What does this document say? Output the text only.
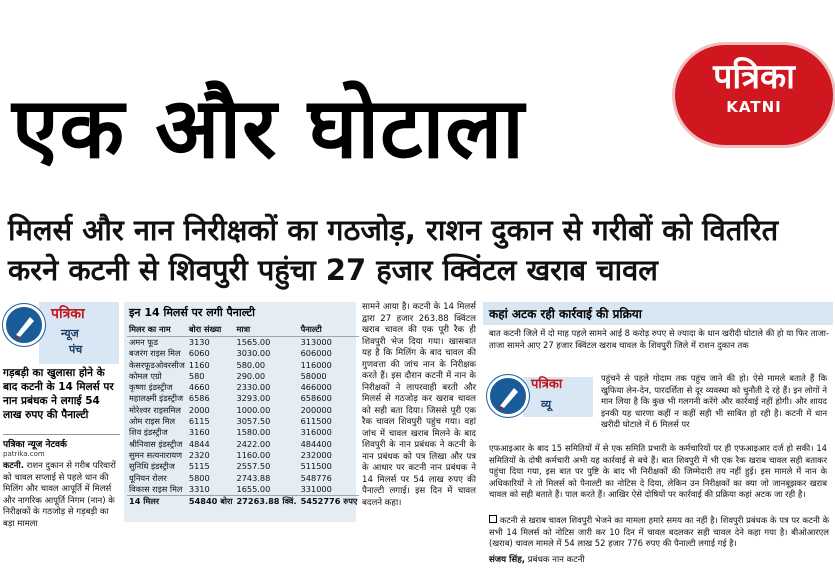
एक और घोटाला
पत्रिका
KATNI
मिलर्स और नान निरीक्षकों का गठजोड़, राशन दुकान से गरीबों को वितरित
करने कटनी से शिवपुरी पहुंचा 27 हजार क्विंटल खराब चावल
पत्रिका
न्यूज
पंच
गड़बड़ी का खुलासा होने के बाद कटनी के 14 मिलर्स पर नान प्रबंधक ने लगाई 54 लाख रुपए की पैनाल्टी
पत्रिका न्यूज नेटवर्क
patrika.com
कटनी. राशन दुकान से गरीब परिवारों को चावल सप्लाई से पहले धान की मिलिंग और चावल आपूर्ति में मिलर्स और नागरिक आपूर्ति निगम (नान) के निरीक्षकों के गठजोड़ से गड़बड़ी का बड़ा मामला
इन 14 मिलर्स पर लगी पैनाल्टी
मिलर का नाम	बोरा संख्या	मात्रा	पैनाल्टी
अमन फूड	3130	1565.00	313000
बजरंग राइस मिल	6060	3030.00	606000
केसरफूडओवरसीज	1160	580.00	116000
कोमल एग्रो	580	290.00	58000
कृष्णा इंडस्ट्रीज	4660	2330.00	466000
महालक्ष्मी इंडस्ट्रीज	6586	3293.00	658600
मोरेश्वर राइसमिल	2000	1000.00	200000
ओम राइस मिल	6115	3057.50	611500
शिव इंडस्ट्रीज	3160	1580.00	316000
श्रीनिवास इंडस्ट्रीज	4844	2422.00	484400
सुमन सत्यनारायण	2320	1160.00	232000
सुनिधि इंडस्ट्रीज	5115	2557.50	511500
यूनियन रोलर	5800	2743.88	548776
विकास राइस मिल	3310	1655.00	331000
14 मिलर	54840 बोरा	27263.88 क्विं.	5452776 रुपए
सामने आया है। कटनी के 14 मिलर्स द्वारा 27 हजार 263.88 क्विंटल खराब चावल की एक पूरी रैक ही शिवपुरी भेज दिया गया। खासबात यह है कि मिलिंग के बाद चावल की गुणवत्ता की जांच नान के निरीक्षक करते हैं। इस दौरान कटनी में नान के निरीक्षकों ने लापरवाही बरती और मिलर्स से गठजोड़ कर खराब चावल को सही बता दिया। जिससे पूरी एक रैक चावल शिवपुरी पहुंच गया। वहां जांच में चावल खराब मिलने के बाद शिवपुरी के नान प्रबंधक ने कटनी के नान प्रबंधक को पत्र लिखा और पत्र के आधार पर कटनी नान प्रबंधक ने 14 मिलर्स पर 54 लाख रुपए की पैनाल्टी लगाई। इस दिन में चावल बदलने कहा।
कहां अटक रही कार्रवाई की प्रक्रिया
बात कटनी जिले में दो माह पहले सामने आई 8 करोड़ रुपए से ज्यादा के धान खरीदी घोटाले की हो या फिर ताजा-ताजा सामने आए 27 हजार क्विंटल खराब चावल के शिवपुरी जिले में राशन दुकान तक
पत्रिका
व्यू
पहुंचने से पहले गोदाम तक पहुंच जाने की हो। ऐसे मामले बताते हैं कि खुफिया लेन-देन, पारदर्शिता से दूर व्यवस्था को चुनौती दे रहे हैं। इन लोगों ने मान लिया है कि कुछ भी गलगनी करेंगे और कार्रवाई नहीं होगी। और शायद इनकी यह धारणा कहीं न कहीं सही भी साबित हो रही है। कटनी में धान खरीदी घोटाले में 6 मिलर्स पर
एफआइआर के बाद 15 समितियों में से एक समिति प्रभारी के कर्मचारियों पर ही एफआइआर दर्ज हो सकी। 14 समितियों के दोषी कर्मचारी अभी यह कार्रवाई से बचे हैं। बात शिवपुरी में भी एक रैक खराब चावल सही बताकर पहुंचा दिया गया, इस बात पर पुष्टि के बाद भी निरीक्षकों की जिम्मेदारी तय नहीं हुई। इस मामले में नान के अधिकारियों ने तो मिलर्स को पैनाल्टी का नोटिस दे दिया, लेकिन उन निरीक्षकों का क्या जो जानबूझकर खराब चावल को सही बताते हैं। पाल करते हैं। आखिर ऐसे दोषियों पर कार्रवाई की प्रक्रिया कहां अटक जा रही है।
कटनी से खराब चावल शिवपुरी भेजने का मामला हमारे समय का नहीं है। शिवपुरी प्रबंधक के पत्र पर कटनी के सभी 14 मिलर्स को नोटिस जारी कर 10 दिन में चावल बदलकर सही चावल देने कहा गया है। बीओआरएल (खराब) चावल मामले में 54 लाख 52 हजार 776 रुपए की पैनाल्टी लगाई गई है।
संजय सिंह, प्रबंधक नान कटनी
